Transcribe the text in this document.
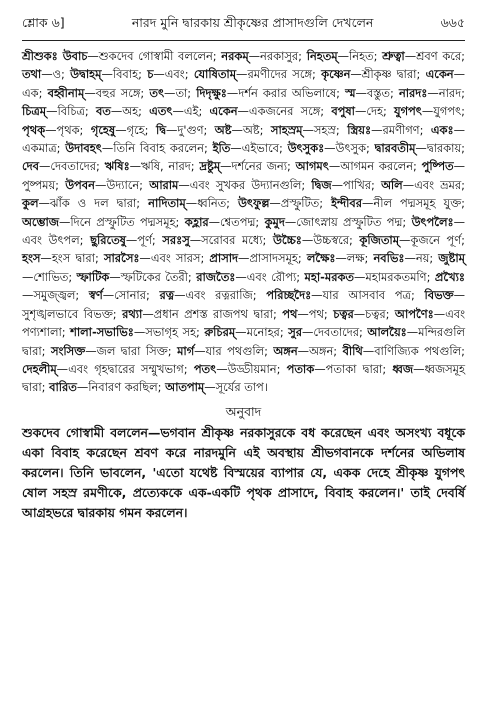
শ্লোক ৬]	নারদ মুনি দ্বারকায় শ্রীকৃষ্ণের প্রাসাদগুলি দেখলেন	৬৬৫
শ্রীশুকঃ উবাচ—শুকদেব গোস্বামী বললেন; নরকম্—নরকাসুর; নিহতম্—নিহত; শ্রুত্বা—শ্রবণ করে; তথা—ও; উদ্বাহম্—বিবাহ; চ—এবং; যোষিতাম্—রমণীদের সঙ্গে; কৃষ্ণেন—শ্রীকৃষ্ণ দ্বারা; একেন—এক; বহ্বীনাম্—বহুর সঙ্গে; তৎ—তা; দিদৃক্ষুঃ—দর্শন করার অভিলাষে; স্ম—বস্তুত; নারদঃ—নারদ; চিত্রম্—বিচিত্র; বত—অহ; এতৎ—এই; একেন—একজনের সঙ্গে; বপুষা—দেহ; যুগপৎ—যুগপৎ; পৃথক্—পৃথক; গৃহেষু—গৃহে; দ্বি—দু'গুণ; অষ্ট—অষ্ট; সাহস্রম্—সহস্র; স্ত্রিয়ঃ—রমণীগণ; একঃ—একমাত্র; উদাবহৎ—তিনি বিবাহ করলেন; ইতি—এইভাবে; উৎসুকঃ—উৎসুক; দ্বারবতীম্—দ্বারকায়; দেব—দেবতাদের; ঋষিঃ—ঋষি, নারদ; দ্রষ্টুম্—দর্শনের জন্য; আগমৎ—আগমন করলেন; পুষ্পিত—পুষ্পময়; উপবন—উদ্যানে; আরাম—এবং সুখকর উদ্যানগুলি; দ্বিজ—পাখির; অলি—এবং ভ্রমর; কুল—ঝাঁক ও দল দ্বারা; নাদিতাম্—ধ্বনিত; উৎফুল্ল—প্রস্ফুটিত; ইন্দীবর—নীল পদ্মসমূহ যুক্ত; অম্ভোজ—দিনে প্রস্ফুটিত পদ্মসমূহ; কহ্লার—শ্বেতপদ্ম; কুমুদ—জোৎস্নায় প্রস্ফুটিত পদ্ম; উৎপলৈঃ—এবং উৎপল; ছুরিতেষু—পূর্ণ; সরঃসু—সরোবর মধ্যে; উচ্চৈঃ—উচ্চস্বরে; কূজিতাম্—কূজনে পূর্ণ; হংস—হংস দ্বারা; সারসৈঃ—এবং সারস; প্রাসাদ—প্রাসাদসমূহ; লক্ষৈঃ—লক্ষ; নবভিঃ—নয়; জুষ্টাম্—শোভিত; স্ফাটিক—স্ফটিকের তৈরী; রাজতৈঃ—এবং রৌপ্য; মহা-মরকত—মহামরকতমণি; প্রখ্যৈঃ—সমুজ্জ্বল; স্বর্ণ—সোনার; রত্ন—এবং রত্নরাজি; পরিচ্ছদৈঃ—যার আসবাব পত্র; বিভক্ত—সুশৃঙ্খলভাবে বিভক্ত; রথ্যা—প্রধান প্রশস্ত রাজপথ দ্বারা; পথ—পথ; চত্বর—চত্বর; আপণৈঃ—এবং পণ্যশালা; শালা-সভাভিঃ—সভাগৃহ সহ; রুচিরম্—মনোহর; সুর—দেবতাদের; আলয়ৈঃ—মন্দিরগুলি দ্বারা; সংসিক্ত—জল দ্বারা সিক্ত; মার্গ—যার পথগুলি; অঙ্গন—অঙ্গন; বীথি—বাণিজ্যিক পথগুলি; দেহলীম্—এবং গৃহদ্বারের সম্মুখভাগ; পতৎ—উড্ডীয়মান; পতাক—পতাকা দ্বারা; ধ্বজ—ধ্বজসমূহ দ্বারা; বারিত—নিবারণ করছিল; আতপাম্—সূর্যের তাপ।
অনুবাদ
শুকদেব গোস্বামী বললেন—ভগবান শ্রীকৃষ্ণ নরকাসুরকে বধ করেছেন এবং অসংখ্য বধূকে একা বিবাহ করেছেন শ্রবণ করে নারদমুনি এই অবস্থায় শ্রীভগবানকে দর্শনের অভিলাষ করলেন। তিনি ভাবলেন, 'এতো যথেষ্ট বিস্ময়ের ব্যাপার যে, একক দেহে শ্রীকৃষ্ণ যুগপৎ ষোল সহস্র রমণীকে, প্রত্যেককে এক-একটি পৃথক প্রাসাদে, বিবাহ করলেন।' তাই দেবর্ষি আগ্রহভরে দ্বারকায় গমন করলেন।
